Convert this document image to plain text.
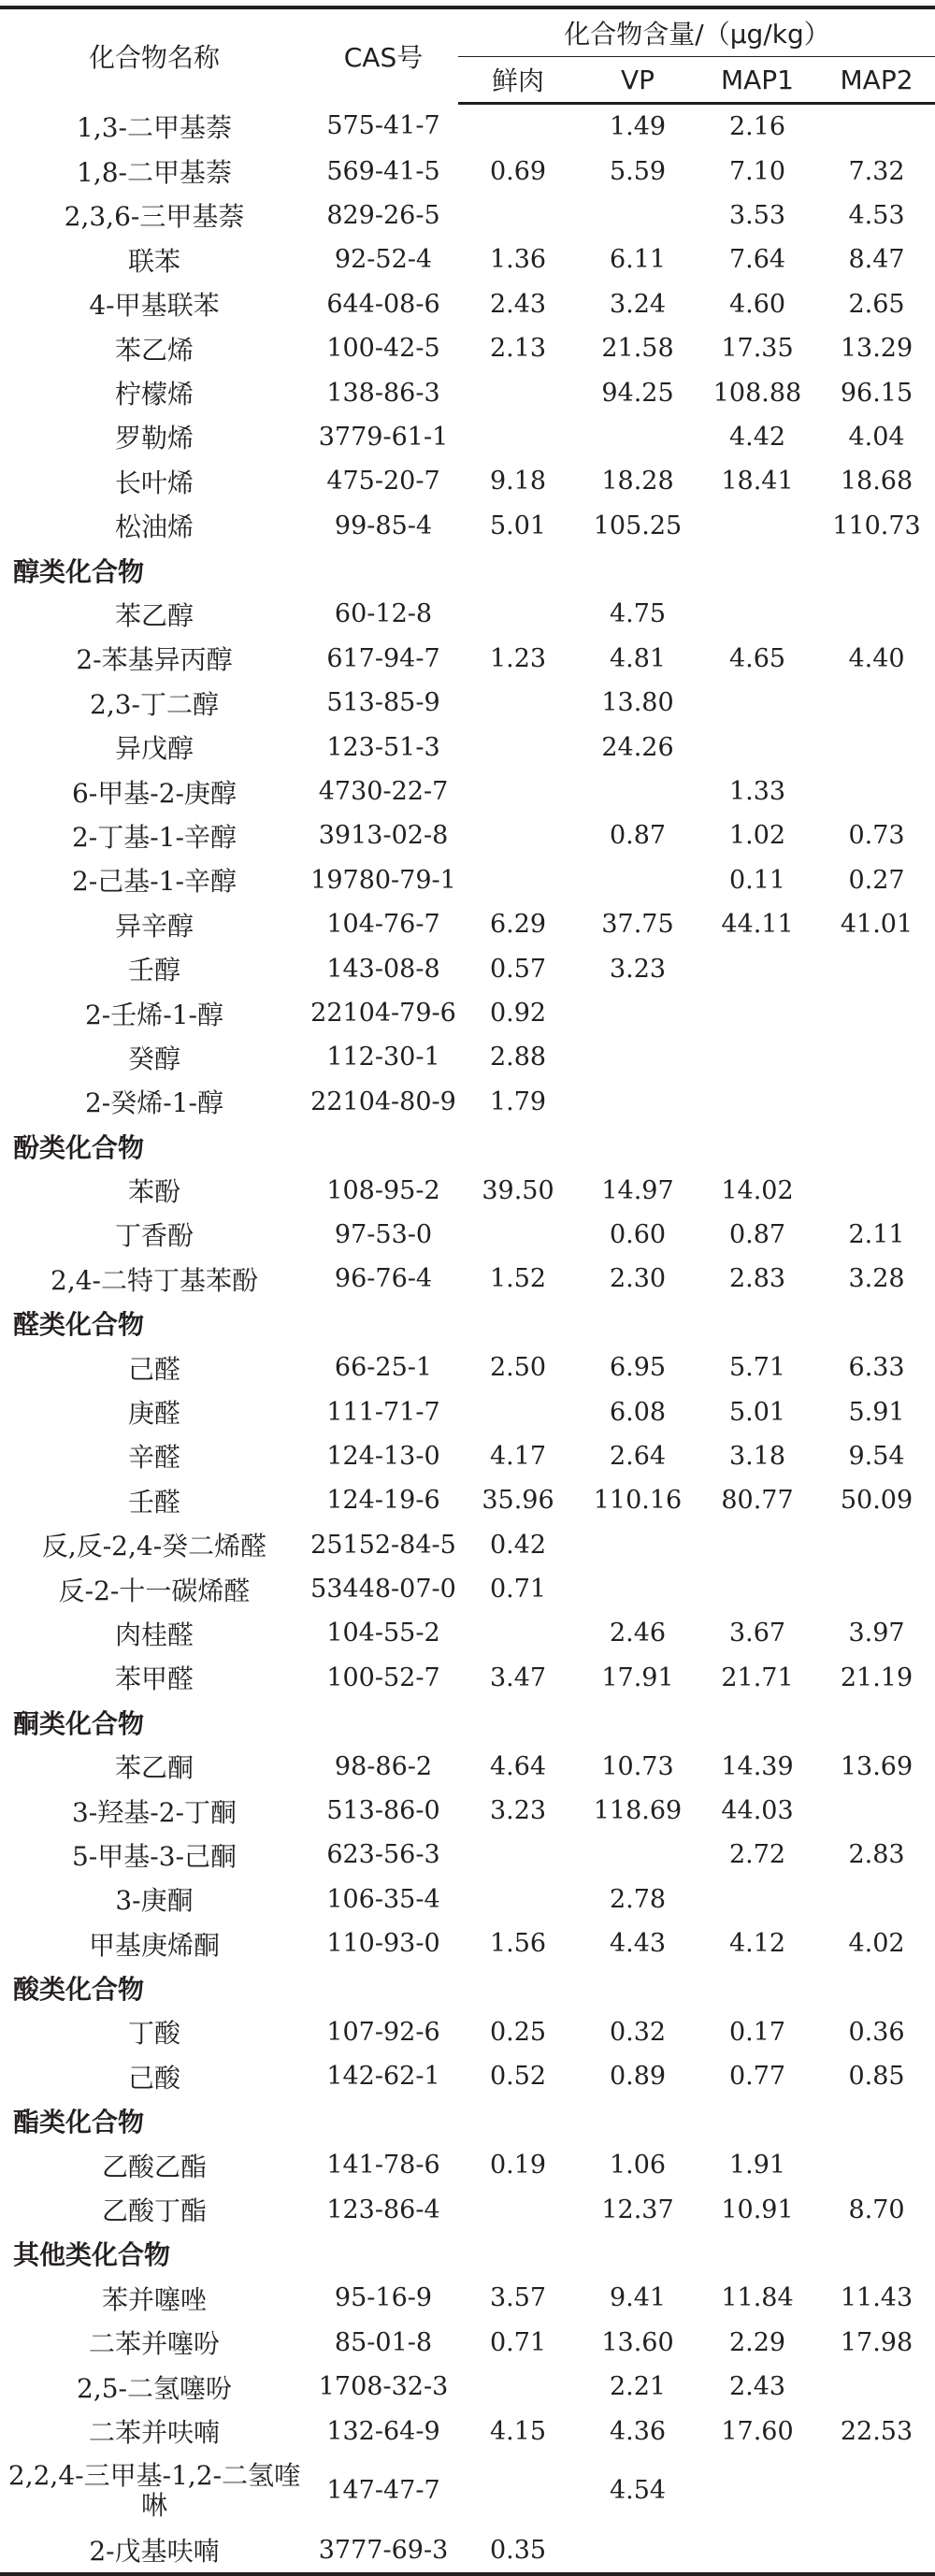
化合物名称	CAS号	化合物含量/（μg/kg）			
		鲜肉	VP	MAP1	MAP2
1,3-二甲基萘	575-41-7		1.49	2.16	
1,8-二甲基萘	569-41-5	0.69	5.59	7.10	7.32
2,3,6-三甲基萘	829-26-5			3.53	4.53
联苯	92-52-4	1.36	6.11	7.64	8.47
4-甲基联苯	644-08-6	2.43	3.24	4.60	2.65
苯乙烯	100-42-5	2.13	21.58	17.35	13.29
柠檬烯	138-86-3		94.25	108.88	96.15
罗勒烯	3779-61-1			4.42	4.04
长叶烯	475-20-7	9.18	18.28	18.41	18.68
松油烯	99-85-4	5.01	105.25		110.73
醇类化合物					
苯乙醇	60-12-8		4.75		
2-苯基异丙醇	617-94-7	1.23	4.81	4.65	4.40
2,3-丁二醇	513-85-9		13.80		
异戊醇	123-51-3		24.26		
6-甲基-2-庚醇	4730-22-7			1.33	
2-丁基-1-辛醇	3913-02-8		0.87	1.02	0.73
2-己基-1-辛醇	19780-79-1			0.11	0.27
异辛醇	104-76-7	6.29	37.75	44.11	41.01
壬醇	143-08-8	0.57	3.23		
2-壬烯-1-醇	22104-79-6	0.92			
癸醇	112-30-1	2.88			
2-癸烯-1-醇	22104-80-9	1.79			
酚类化合物					
苯酚	108-95-2	39.50	14.97	14.02	
丁香酚	97-53-0		0.60	0.87	2.11
2,4-二特丁基苯酚	96-76-4	1.52	2.30	2.83	3.28
醛类化合物					
己醛	66-25-1	2.50	6.95	5.71	6.33
庚醛	111-71-7		6.08	5.01	5.91
辛醛	124-13-0	4.17	2.64	3.18	9.54
壬醛	124-19-6	35.96	110.16	80.77	50.09
反,反-2,4-癸二烯醛	25152-84-5	0.42			
反-2-十一碳烯醛	53448-07-0	0.71			
肉桂醛	104-55-2		2.46	3.67	3.97
苯甲醛	100-52-7	3.47	17.91	21.71	21.19
酮类化合物					
苯乙酮	98-86-2	4.64	10.73	14.39	13.69
3-羟基-2-丁酮	513-86-0	3.23	118.69	44.03	
5-甲基-3-己酮	623-56-3			2.72	2.83
3-庚酮	106-35-4		2.78		
甲基庚烯酮	110-93-0	1.56	4.43	4.12	4.02
酸类化合物					
丁酸	107-92-6	0.25	0.32	0.17	0.36
己酸	142-62-1	0.52	0.89	0.77	0.85
酯类化合物					
乙酸乙酯	141-78-6	0.19	1.06	1.91	
乙酸丁酯	123-86-4		12.37	10.91	8.70
其他类化合物					
苯并噻唑	95-16-9	3.57	9.41	11.84	11.43
二苯并噻吩	85-01-8	0.71	13.60	2.29	17.98
2,5-二氢噻吩	1708-32-3		2.21	2.43	
二苯并呋喃	132-64-9	4.15	4.36	17.60	22.53
2,2,4-三甲基-1,2-二氢喹啉	147-47-7		4.54		
2-戊基呋喃	3777-69-3	0.35			
